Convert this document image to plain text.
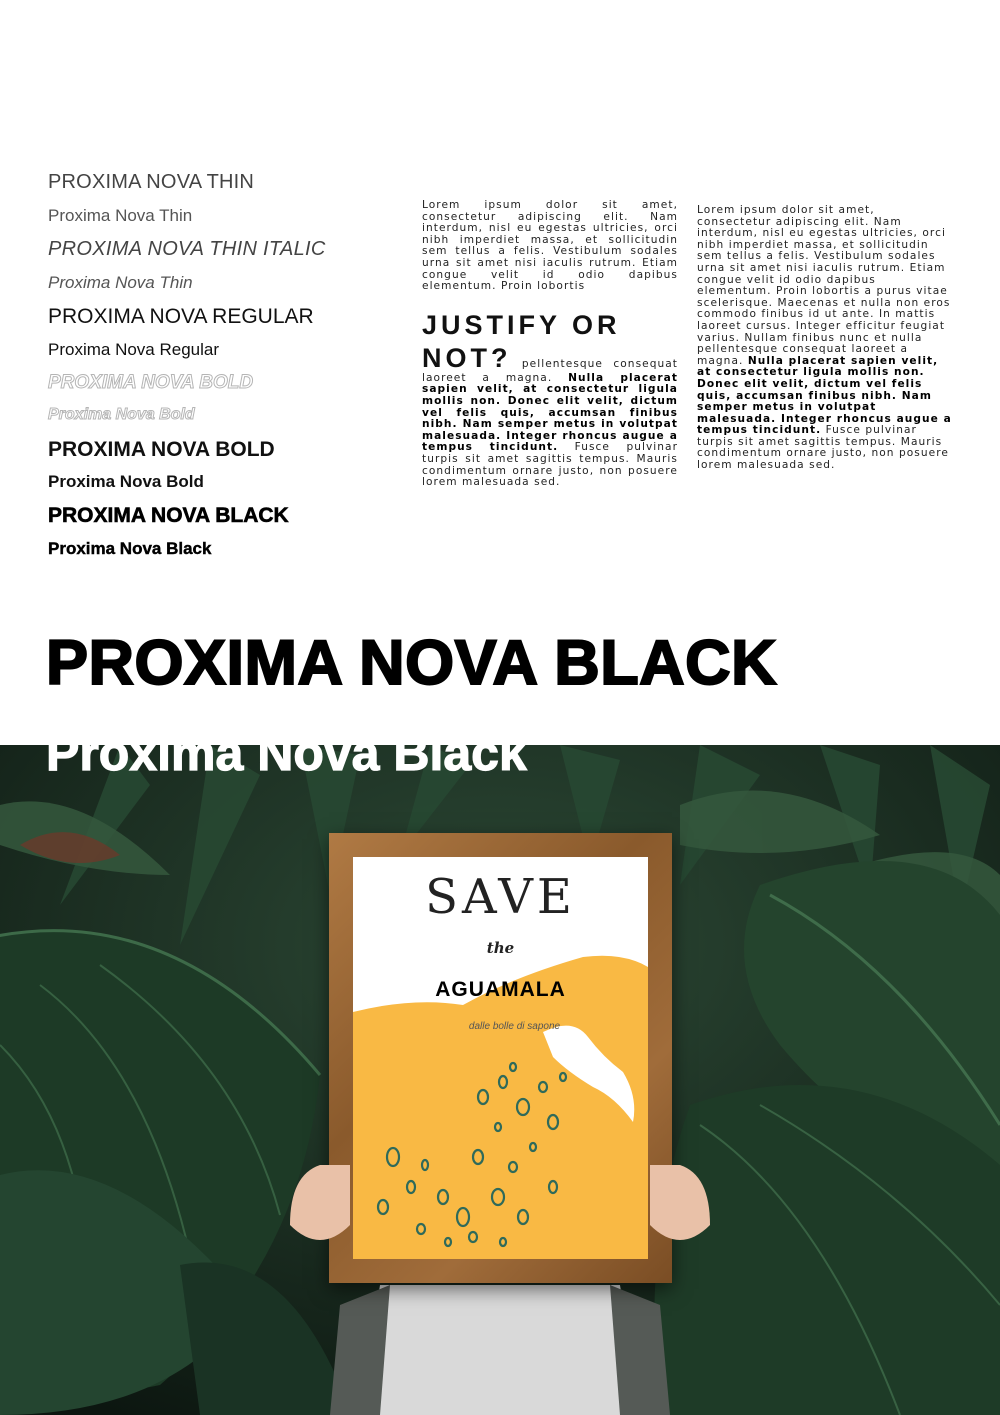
PROXIMA NOVA THIN
Proxima Nova Thin
PROXIMA NOVA THIN ITALIC
Proxima Nova Thin
PROXIMA NOVA REGULAR
Proxima Nova Regular
PROXIMA NOVA BOLD
Proxima Nova Bold
PROXIMA NOVA BOLD
Proxima Nova Bold
PROXIMA NOVA BLACK
Proxima Nova Black
Lorem ipsum dolor sit amet, consectetur adipiscing elit. Nam interdum, nisl eu egestas ultricies, orci nibh imperdiet massa, et sollicitudin sem tellus a felis. Vestibulum sodales urna sit amet nisi iaculis rutrum. Etiam congue velit id odio dapibus elementum. Proin lobortis
JUSTIFY OR
NOT? pellentesque consequat laoreet a magna. Nulla placerat sapien velit, at consectetur ligula mollis non. Donec elit velit, dictum vel felis quis, accumsan finibus nibh. Nam semper metus in volutpat malesuada. Integer rhoncus augue a tempus tincidunt. Fusce pulvinar turpis sit amet sagittis tempus. Mauris condimentum ornare justo, non posuere lorem malesuada sed.
Lorem ipsum dolor sit amet, consectetur adipiscing elit. Nam interdum, nisl eu egestas ultricies, orci nibh imperdiet massa, et sollicitudin sem tellus a felis. Vestibulum sodales urna sit amet nisi iaculis rutrum. Etiam congue velit id odio dapibus elementum. Proin lobortis a purus vitae scelerisque. Maecenas et nulla non eros commodo finibus id ut ante. In mattis laoreet cursus. Integer efficitur feugiat varius. Nullam finibus nunc et nulla pellentesque consequat laoreet a magna. Nulla placerat sapien velit, at consectetur ligula mollis non. Donec elit velit, dictum vel felis quis, accumsan finibus nibh. Nam semper metus in volutpat malesuada. Integer rhoncus augue a tempus tincidunt. Fusce pulvinar turpis sit amet sagittis tempus. Mauris condimentum ornare justo, non posuere lorem malesuada sed.
PROXIMA NOVA BLACK
Proxima Nova Black
SAVE
the
AGUAMALA
dalle bolle di sapone
